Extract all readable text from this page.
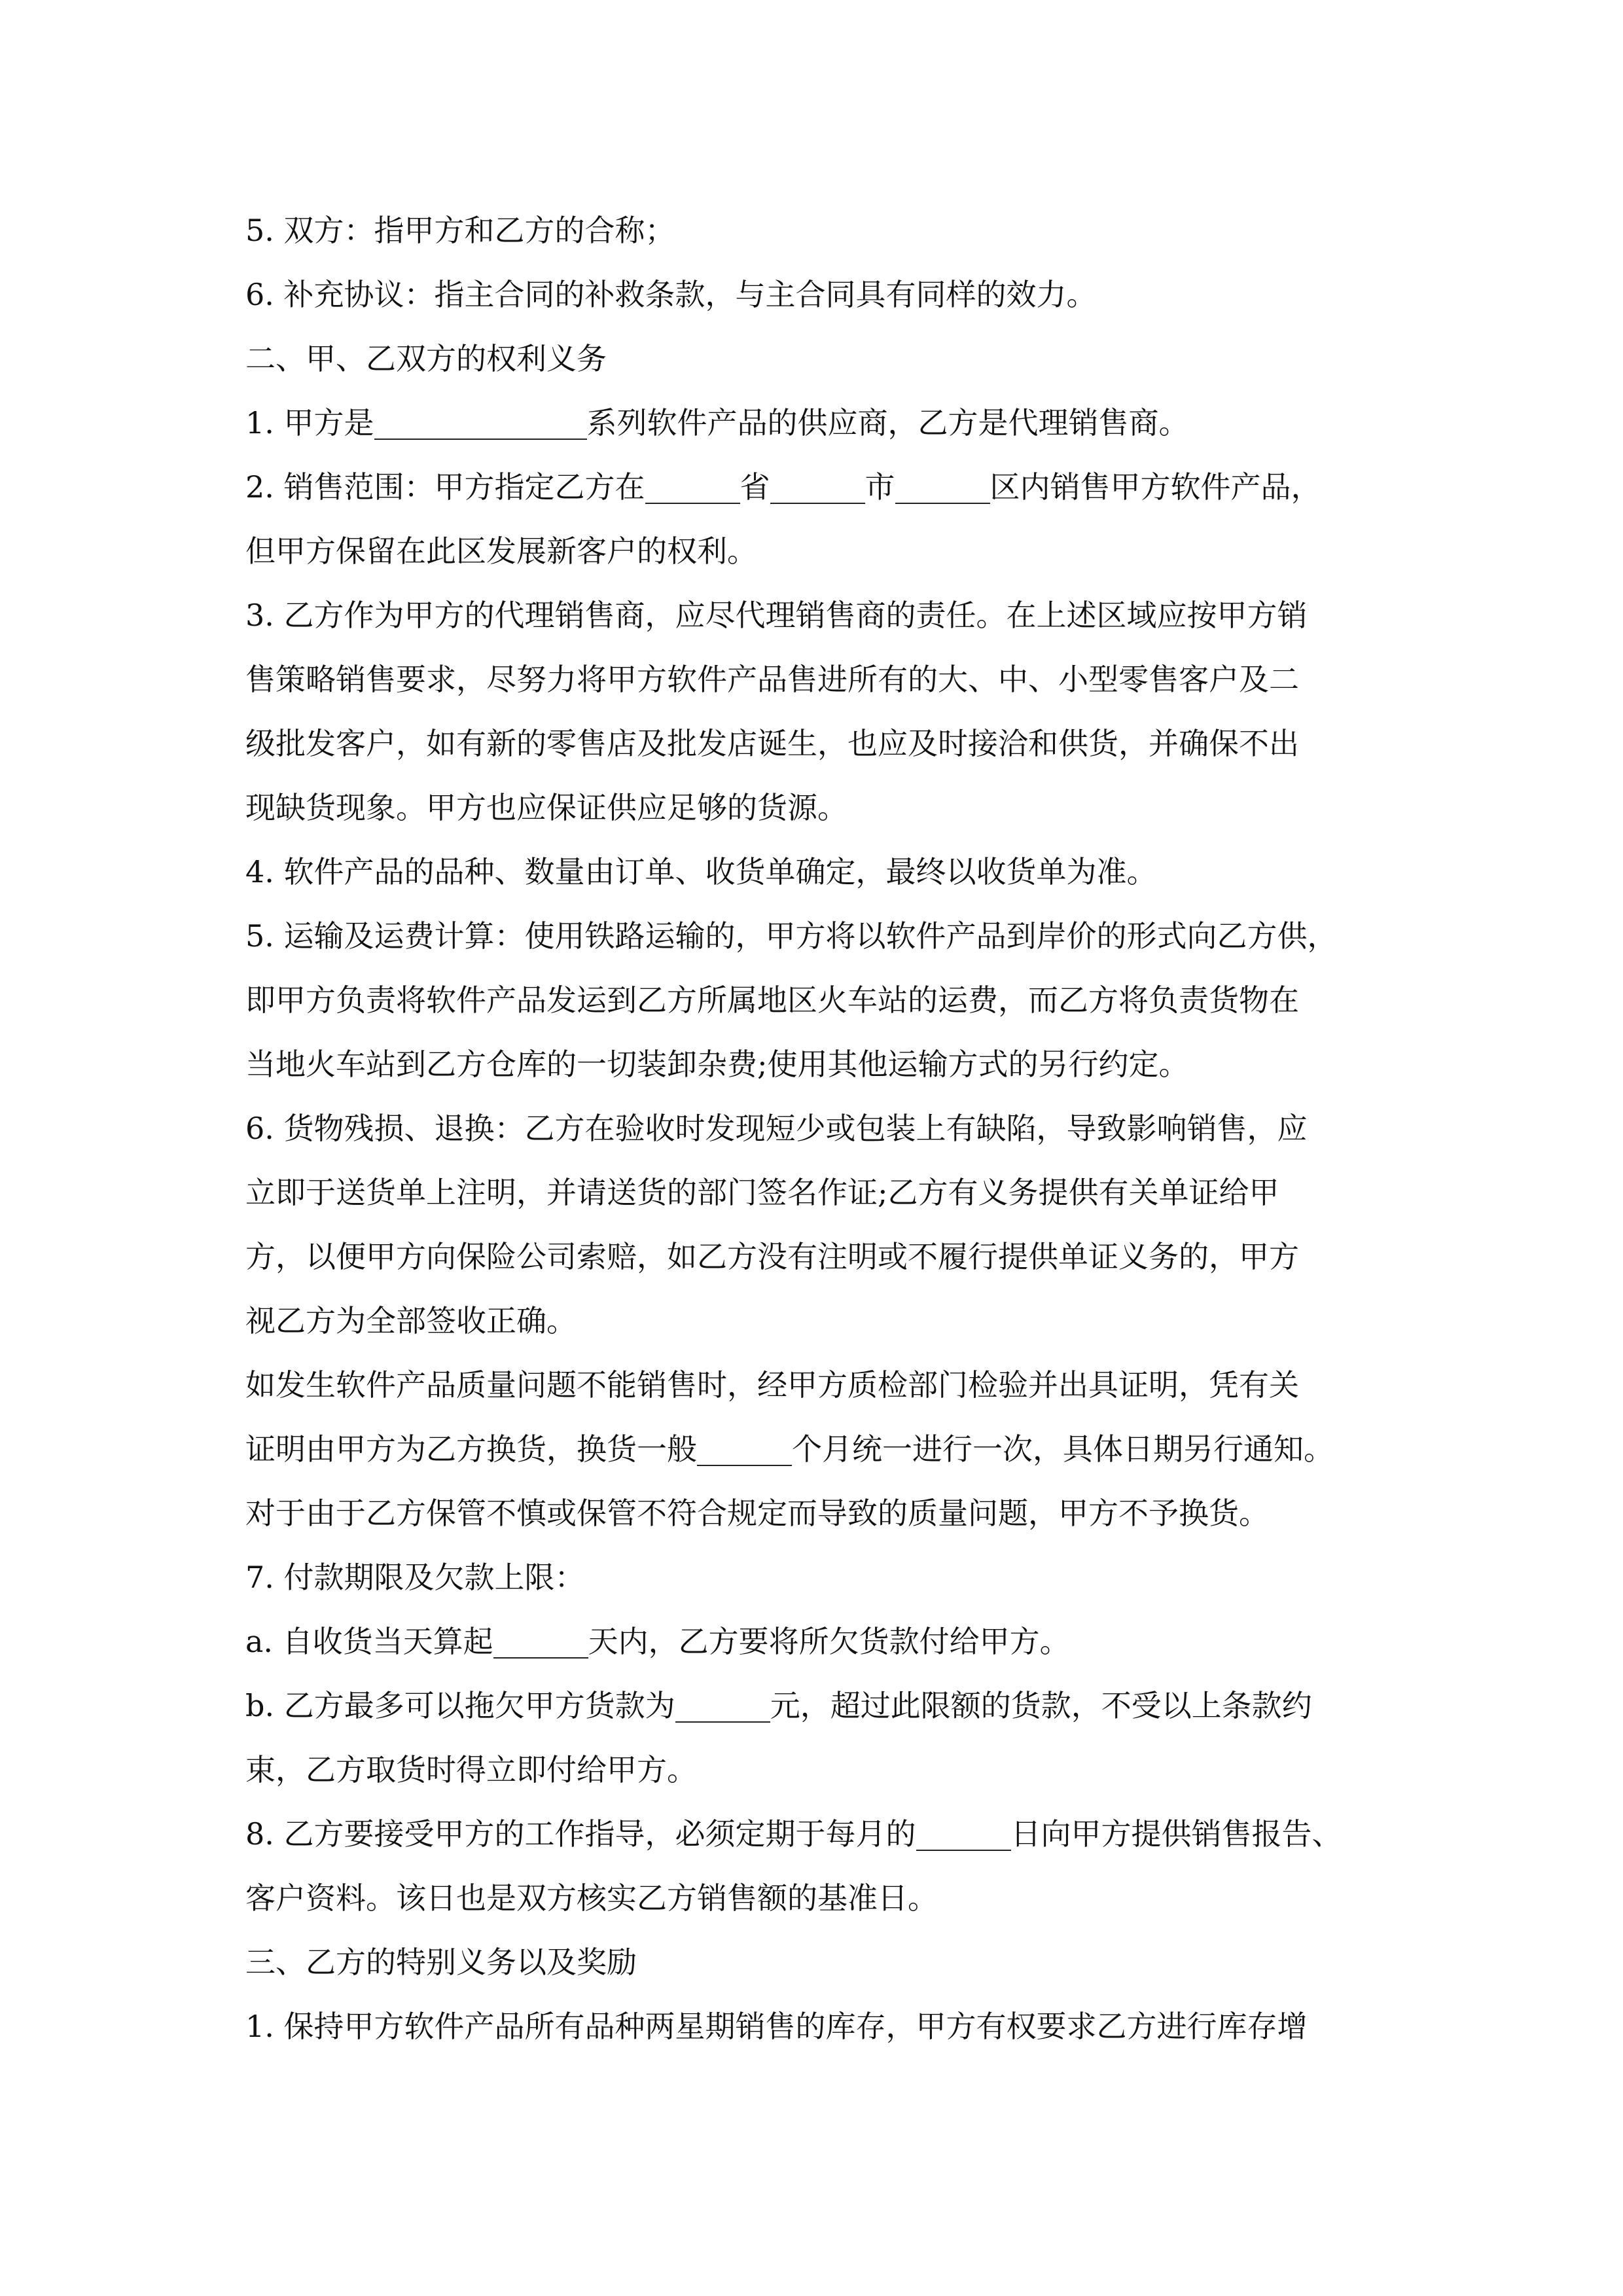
5. 双方：指甲方和乙方的合称；
6. 补充协议：指主合同的补救条款，与主合同具有同样的效力。
二、甲、乙双方的权利义务
1. 甲方是	系列软件产品的供应商，乙方是代理销售商。
2. 销售范围：甲方指定乙方在	省	市	区内销售甲方软件产品，
但甲方保留在此区发展新客户的权利。
3. 乙方作为甲方的代理销售商，应尽代理销售商的责任。在上述区域应按甲方销
售策略销售要求，尽努力将甲方软件产品售进所有的大、中、小型零售客户及二
级批发客户，如有新的零售店及批发店诞生，也应及时接洽和供货，并确保不出
现缺货现象。甲方也应保证供应足够的货源。
4. 软件产品的品种、数量由订单、收货单确定，最终以收货单为准。
5. 运输及运费计算：使用铁路运输的，甲方将以软件产品到岸价的形式向乙方供，
即甲方负责将软件产品发运到乙方所属地区火车站的运费，而乙方将负责货物在
当地火车站到乙方仓库的一切装卸杂费;使用其他运输方式的另行约定。
6. 货物残损、退换：乙方在验收时发现短少或包装上有缺陷，导致影响销售，应
立即于送货单上注明，并请送货的部门签名作证;乙方有义务提供有关单证给甲
方，以便甲方向保险公司索赔，如乙方没有注明或不履行提供单证义务的，甲方
视乙方为全部签收正确。
如发生软件产品质量问题不能销售时，经甲方质检部门检验并出具证明，凭有关
证明由甲方为乙方换货，换货一般	个月统一进行一次，具体日期另行通知。
对于由于乙方保管不慎或保管不符合规定而导致的质量问题，甲方不予换货。
7. 付款期限及欠款上限：
a. 自收货当天算起	天内，乙方要将所欠货款付给甲方。
b. 乙方最多可以拖欠甲方货款为	元，超过此限额的货款，不受以上条款约
束，乙方取货时得立即付给甲方。
8. 乙方要接受甲方的工作指导，必须定期于每月的	日向甲方提供销售报告、
客户资料。该日也是双方核实乙方销售额的基准日。
三、乙方的特别义务以及奖励
1. 保持甲方软件产品所有品种两星期销售的库存，甲方有权要求乙方进行库存增
